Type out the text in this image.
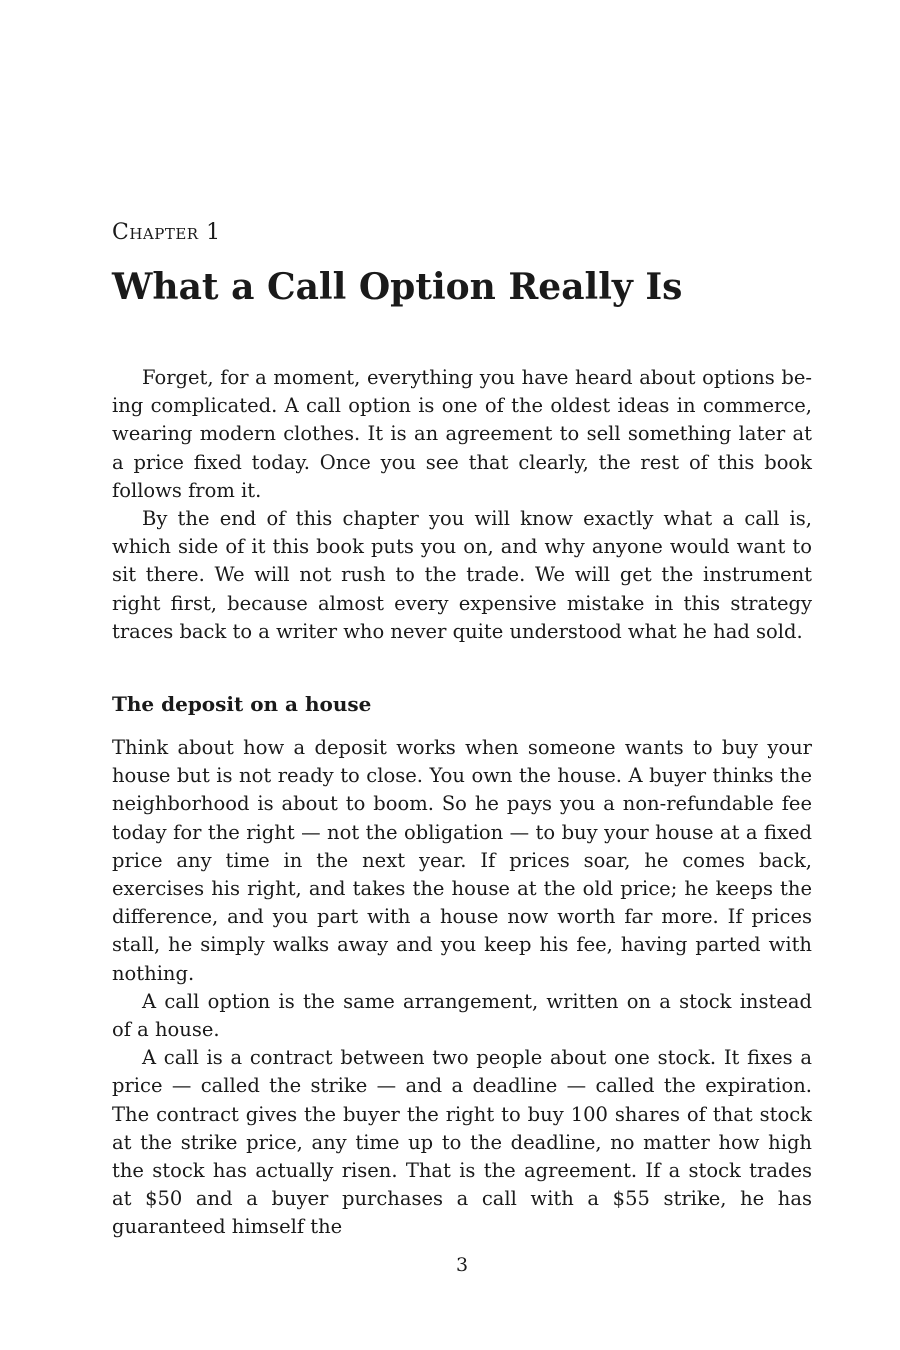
Chapter 1
What a Call Option Really Is

Forget, for a moment, everything you have heard about options being complicated. A call option is one of the oldest ideas in commerce, wearing modern clothes. It is an agreement to sell something later at a price fixed today. Once you see that clearly, the rest of this book follows from it.

By the end of this chapter you will know exactly what a call is, which side of it this book puts you on, and why anyone would want to sit there. We will not rush to the trade. We will get the instrument right first, because almost every expensive mistake in this strategy traces back to a writer who never quite understood what he had sold.

The deposit on a house

Think about how a deposit works when someone wants to buy your house but is not ready to close. You own the house. A buyer thinks the neighborhood is about to boom. So he pays you a non-refundable fee today for the right — not the obligation — to buy your house at a fixed price any time in the next year. If prices soar, he comes back, exercises his right, and takes the house at the old price; he keeps the difference, and you part with a house now worth far more. If prices stall, he simply walks away and you keep his fee, having parted with nothing.

A call option is the same arrangement, written on a stock instead of a house.

A call is a contract between two people about one stock. It fixes a price — called the strike — and a deadline — called the expiration. The contract gives the buyer the right to buy 100 shares of that stock at the strike price, any time up to the deadline, no matter how high the stock has actually risen. That is the agreement. If a stock trades at $50 and a buyer purchases a call with a $55 strike, he has guaranteed himself the

3
